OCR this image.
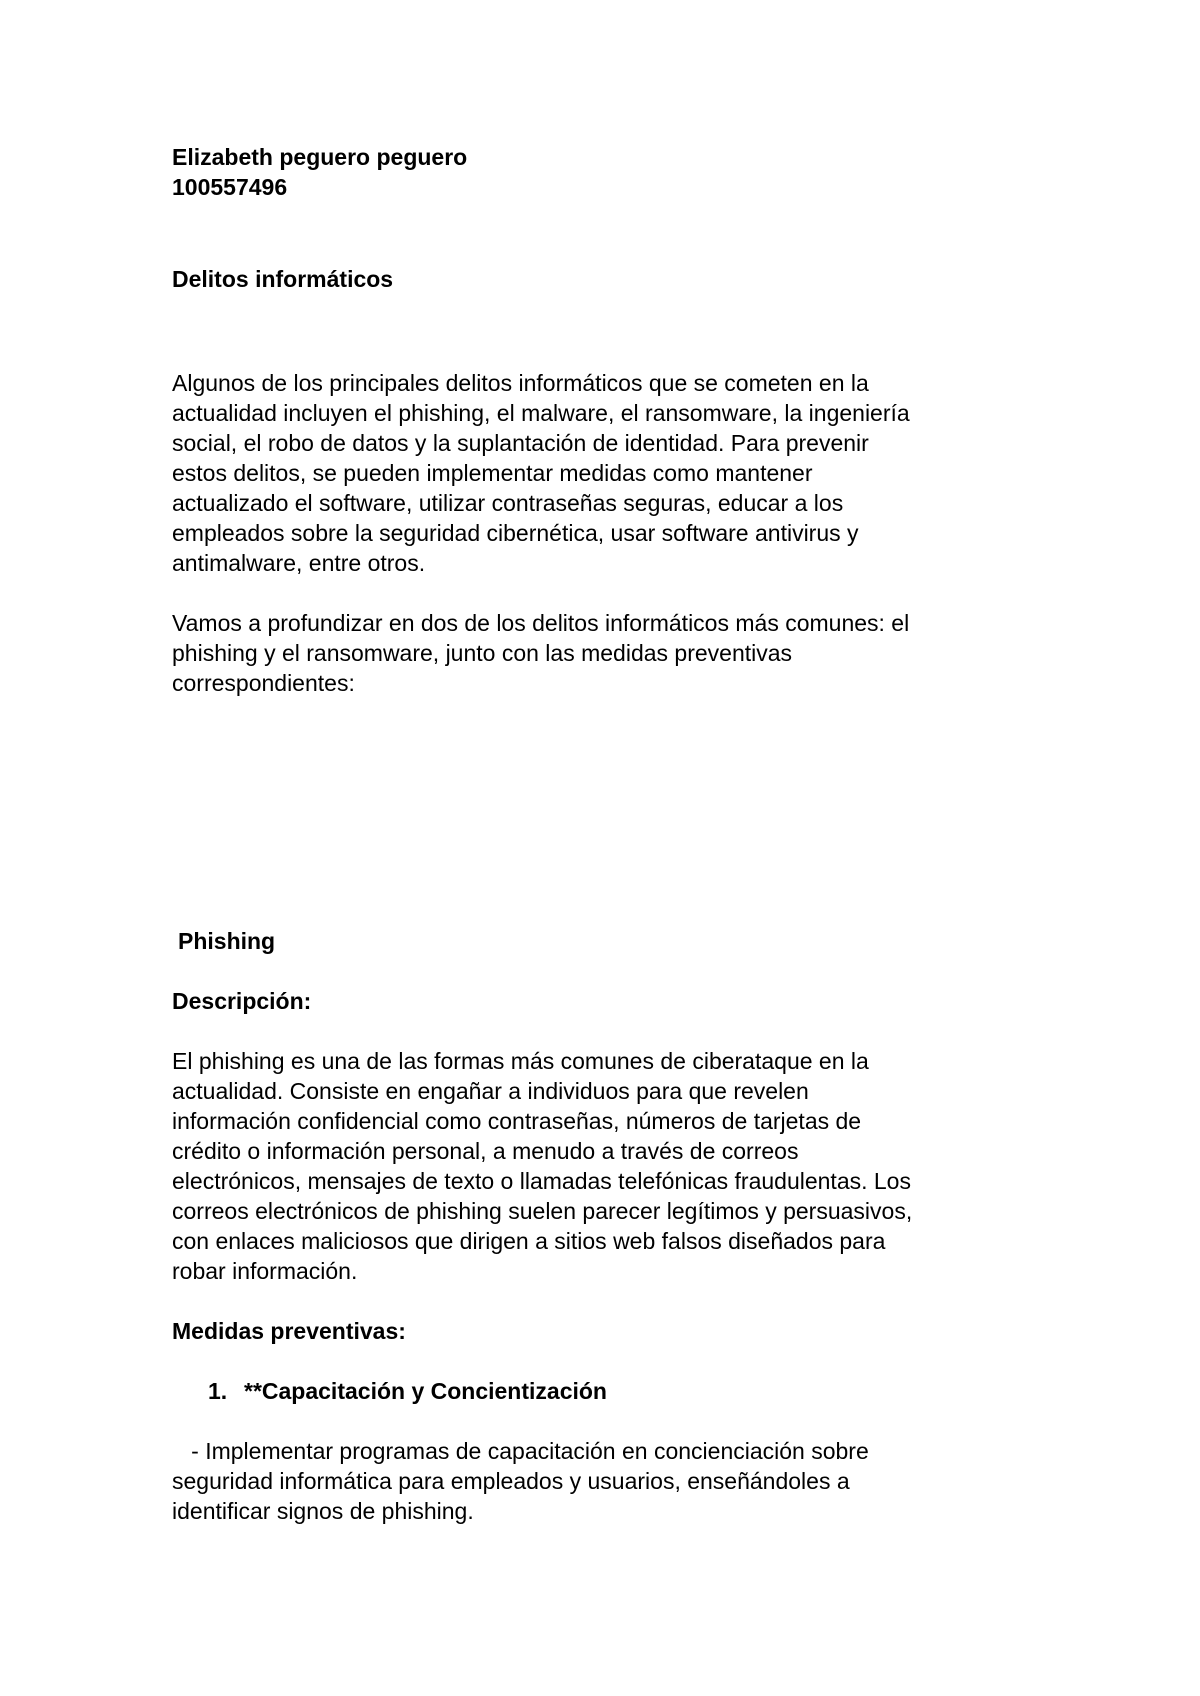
Elizabeth peguero peguero
100557496
Delitos informáticos
Algunos de los principales delitos informáticos que se cometen en la
actualidad incluyen el phishing, el malware, el ransomware, la ingeniería
social, el robo de datos y la suplantación de identidad. Para prevenir
estos delitos, se pueden implementar medidas como mantener
actualizado el software, utilizar contraseñas seguras, educar a los
empleados sobre la seguridad cibernética, usar software antivirus y
antimalware, entre otros.
Vamos a profundizar en dos de los delitos informáticos más comunes: el
phishing y el ransomware, junto con las medidas preventivas
correspondientes:
Phishing
Descripción:
El phishing es una de las formas más comunes de ciberataque en la
actualidad. Consiste en engañar a individuos para que revelen
información confidencial como contraseñas, números de tarjetas de
crédito o información personal, a menudo a través de correos
electrónicos, mensajes de texto o llamadas telefónicas fraudulentas. Los
correos electrónicos de phishing suelen parecer legítimos y persuasivos,
con enlaces maliciosos que dirigen a sitios web falsos diseñados para
robar información.
Medidas preventivas:
1. **Capacitación y Concientización
- Implementar programas de capacitación en concienciación sobre
seguridad informática para empleados y usuarios, enseñándoles a
identificar signos de phishing.
